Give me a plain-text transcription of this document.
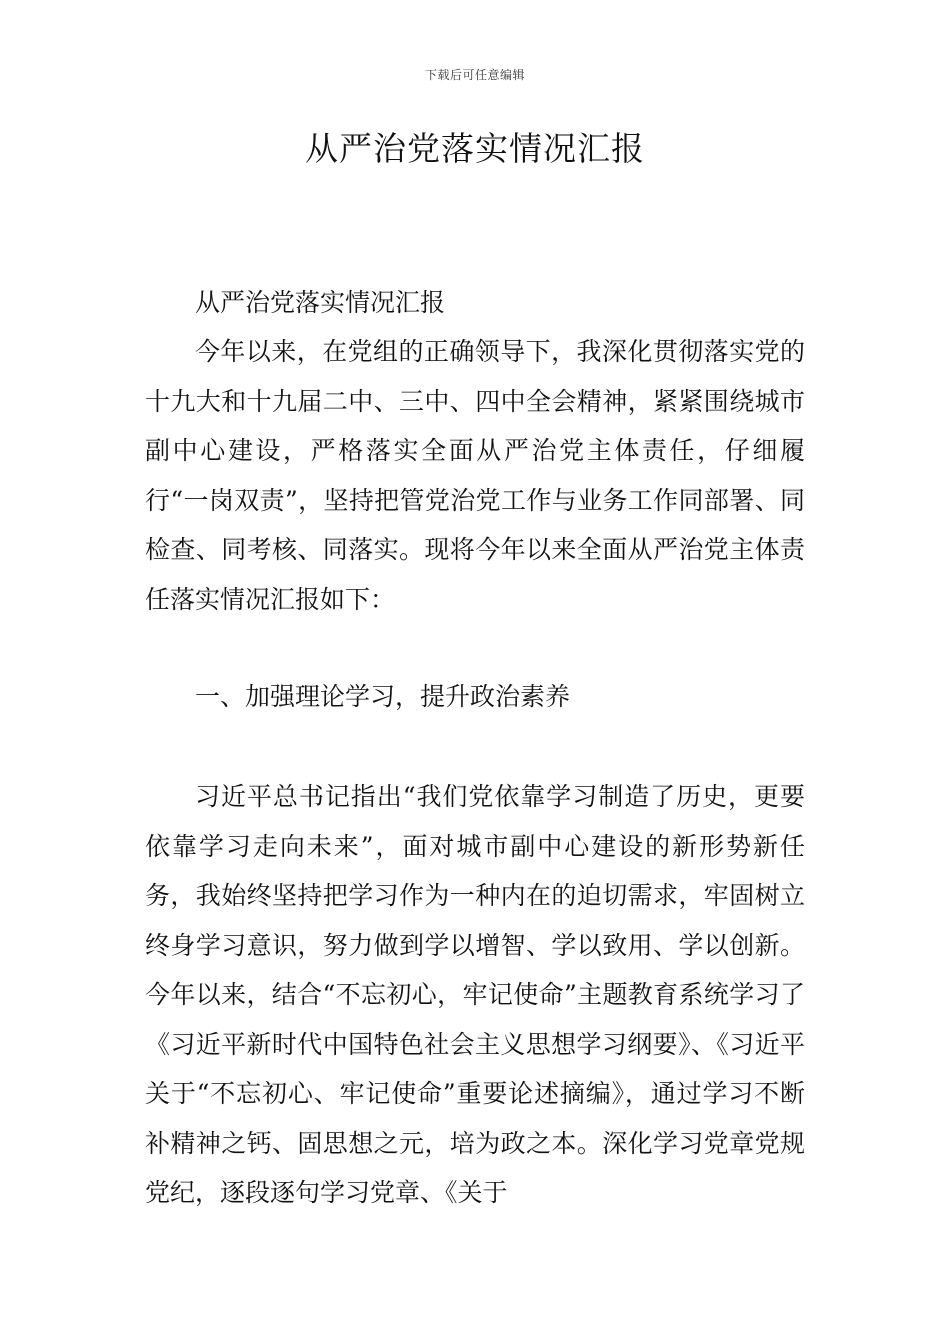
下载后可任意编辑
从严治党落实情况汇报

从严治党落实情况汇报

今年以来，在党组的正确领导下，我深化贯彻落实党的十九大和十九届二中、三中、四中全会精神，紧紧围绕城市副中心建设，严格落实全面从严治党主体责任，仔细履行“一岗双责”，坚持把管党治党工作与业务工作同部署、同检查、同考核、同落实。现将今年以来全面从严治党主体责任落实情况汇报如下：

一、加强理论学习，提升政治素养

习近平总书记指出“我们党依靠学习制造了历史，更要依靠学习走向未来”，面对城市副中心建设的新形势新任务，我始终坚持把学习作为一种内在的迫切需求，牢固树立终身学习意识，努力做到学以增智、学以致用、学以创新。今年以来，结合“不忘初心，牢记使命”主题教育系统学习了《习近平新时代中国特色社会主义思想学习纲要》、《习近平关于“不忘初心、牢记使命”重要论述摘编》，通过学习不断补精神之钙、固思想之元，培为政之本。深化学习党章党规党纪，逐段逐句学习党章、《关于
